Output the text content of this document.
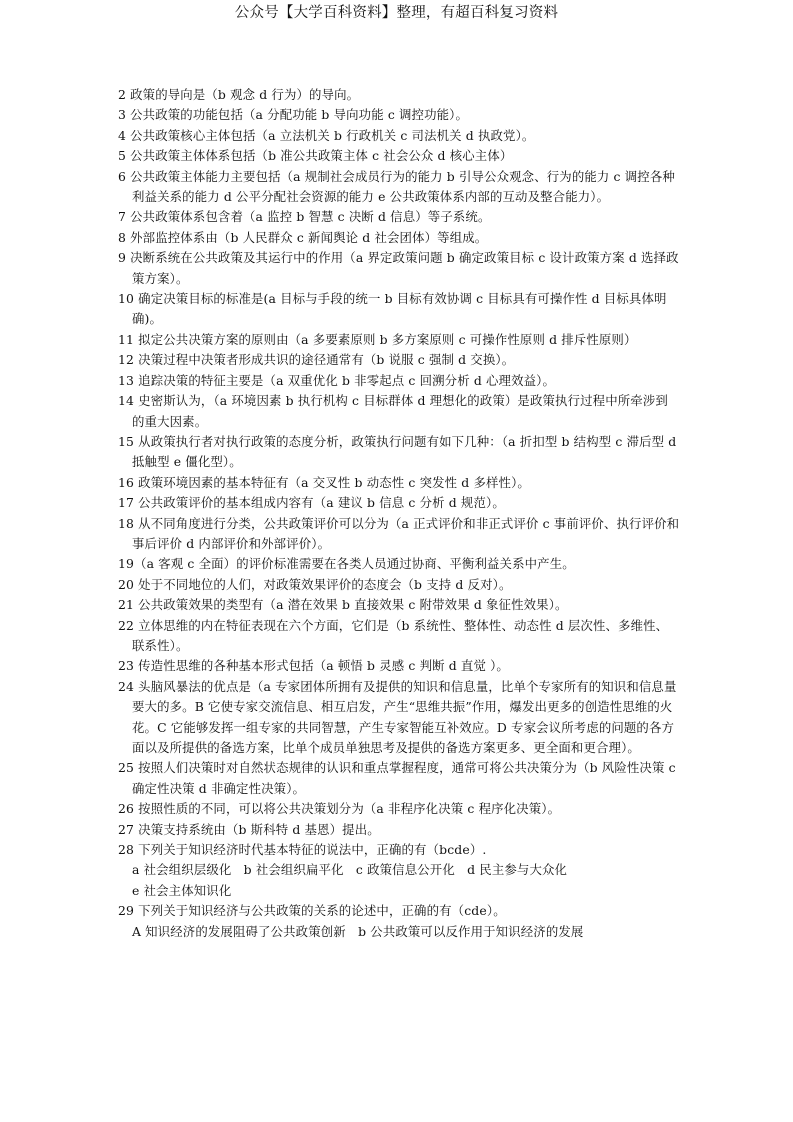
公众号【大学百科资料】整理，有超百科复习资料
2 政策的导向是（b 观念 d 行为）的导向。
3 公共政策的功能包括（a 分配功能 b 导向功能 c 调控功能）。
4 公共政策核心主体包括（a 立法机关 b 行政机关 c 司法机关 d 执政党）。
5 公共政策主体体系包括（b 准公共政策主体 c 社会公众 d 核心主体）
6 公共政策主体能力主要包括（a 规制社会成员行为的能力 b 引导公众观念、行为的能力 c 调控各种利益关系的能力 d 公平分配社会资源的能力 e 公共政策体系内部的互动及整合能力）。
7 公共政策体系包含着（a 监控 b 智慧 c 决断 d 信息）等子系统。
8 外部监控体系由（b 人民群众 c 新闻舆论 d 社会团体）等组成。
9 决断系统在公共政策及其运行中的作用（a 界定政策问题 b 确定政策目标 c 设计政策方案 d 选择政策方案）。
10 确定决策目标的标准是(a 目标与手段的统一 b 目标有效协调 c 目标具有可操作性 d 目标具体明确)。
11 拟定公共决策方案的原则由（a 多要素原则 b 多方案原则 c 可操作性原则 d 排斥性原则）
12 决策过程中决策者形成共识的途径通常有（b 说服 c 强制 d 交换）。
13 追踪决策的特征主要是（a 双重优化 b 非零起点 c 回溯分析 d 心理效益）。
14 史密斯认为，（a 环境因素 b 执行机构 c 目标群体 d 理想化的政策）是政策执行过程中所牵涉到的重大因素。
15 从政策执行者对执行政策的态度分析，政策执行问题有如下几种：（a 折扣型 b 结构型 c 滞后型 d 抵触型 e 僵化型）。
16 政策环境因素的基本特征有（a 交叉性 b 动态性 c 突发性 d 多样性）。
17 公共政策评价的基本组成内容有（a 建议 b 信息 c 分析 d 规范）。
18 从不同角度进行分类，公共政策评价可以分为（a 正式评价和非正式评价 c 事前评价、执行评价和事后评价 d 内部评价和外部评价）。
19（a 客观 c 全面）的评价标准需要在各类人员通过协商、平衡利益关系中产生。
20 处于不同地位的人们，对政策效果评价的态度会（b 支持 d 反对）。
21 公共政策效果的类型有（a 潜在效果 b 直接效果 c 附带效果 d 象征性效果）。
22 立体思维的内在特征表现在六个方面，它们是（b 系统性、整体性、动态性 d 层次性、多维性、联系性）。
23 传造性思维的各种基本形式包括（a 顿悟 b 灵感 c 判断 d 直觉 ）。
24 头脑风暴法的优点是（a 专家团体所拥有及提供的知识和信息量，比单个专家所有的知识和信息量要大的多。B 它使专家交流信息、相互启发，产生“思维共振”作用，爆发出更多的创造性思维的火花。C 它能够发挥一组专家的共同智慧，产生专家智能互补效应。D 专家会议所考虑的问题的各方面以及所提供的备选方案，比单个成员单独思考及提供的备选方案更多、更全面和更合理）。
25 按照人们决策时对自然状态规律的认识和重点掌握程度，通常可将公共决策分为（b 风险性决策 c 确定性决策 d 非确定性决策）。
26 按照性质的不同，可以将公共决策划分为（a 非程序化决策 c 程序化决策）。
27 决策支持系统由（b 斯科特 d 基恩）提出。
28 下列关于知识经济时代基本特征的说法中，正确的有（bcde）.
a 社会组织层级化   b 社会组织扁平化   c 政策信息公开化   d 民主参与大众化
e 社会主体知识化
29 下列关于知识经济与公共政策的关系的论述中，正确的有（cde）。
A 知识经济的发展阻碍了公共政策创新   b 公共政策可以反作用于知识经济的发展
